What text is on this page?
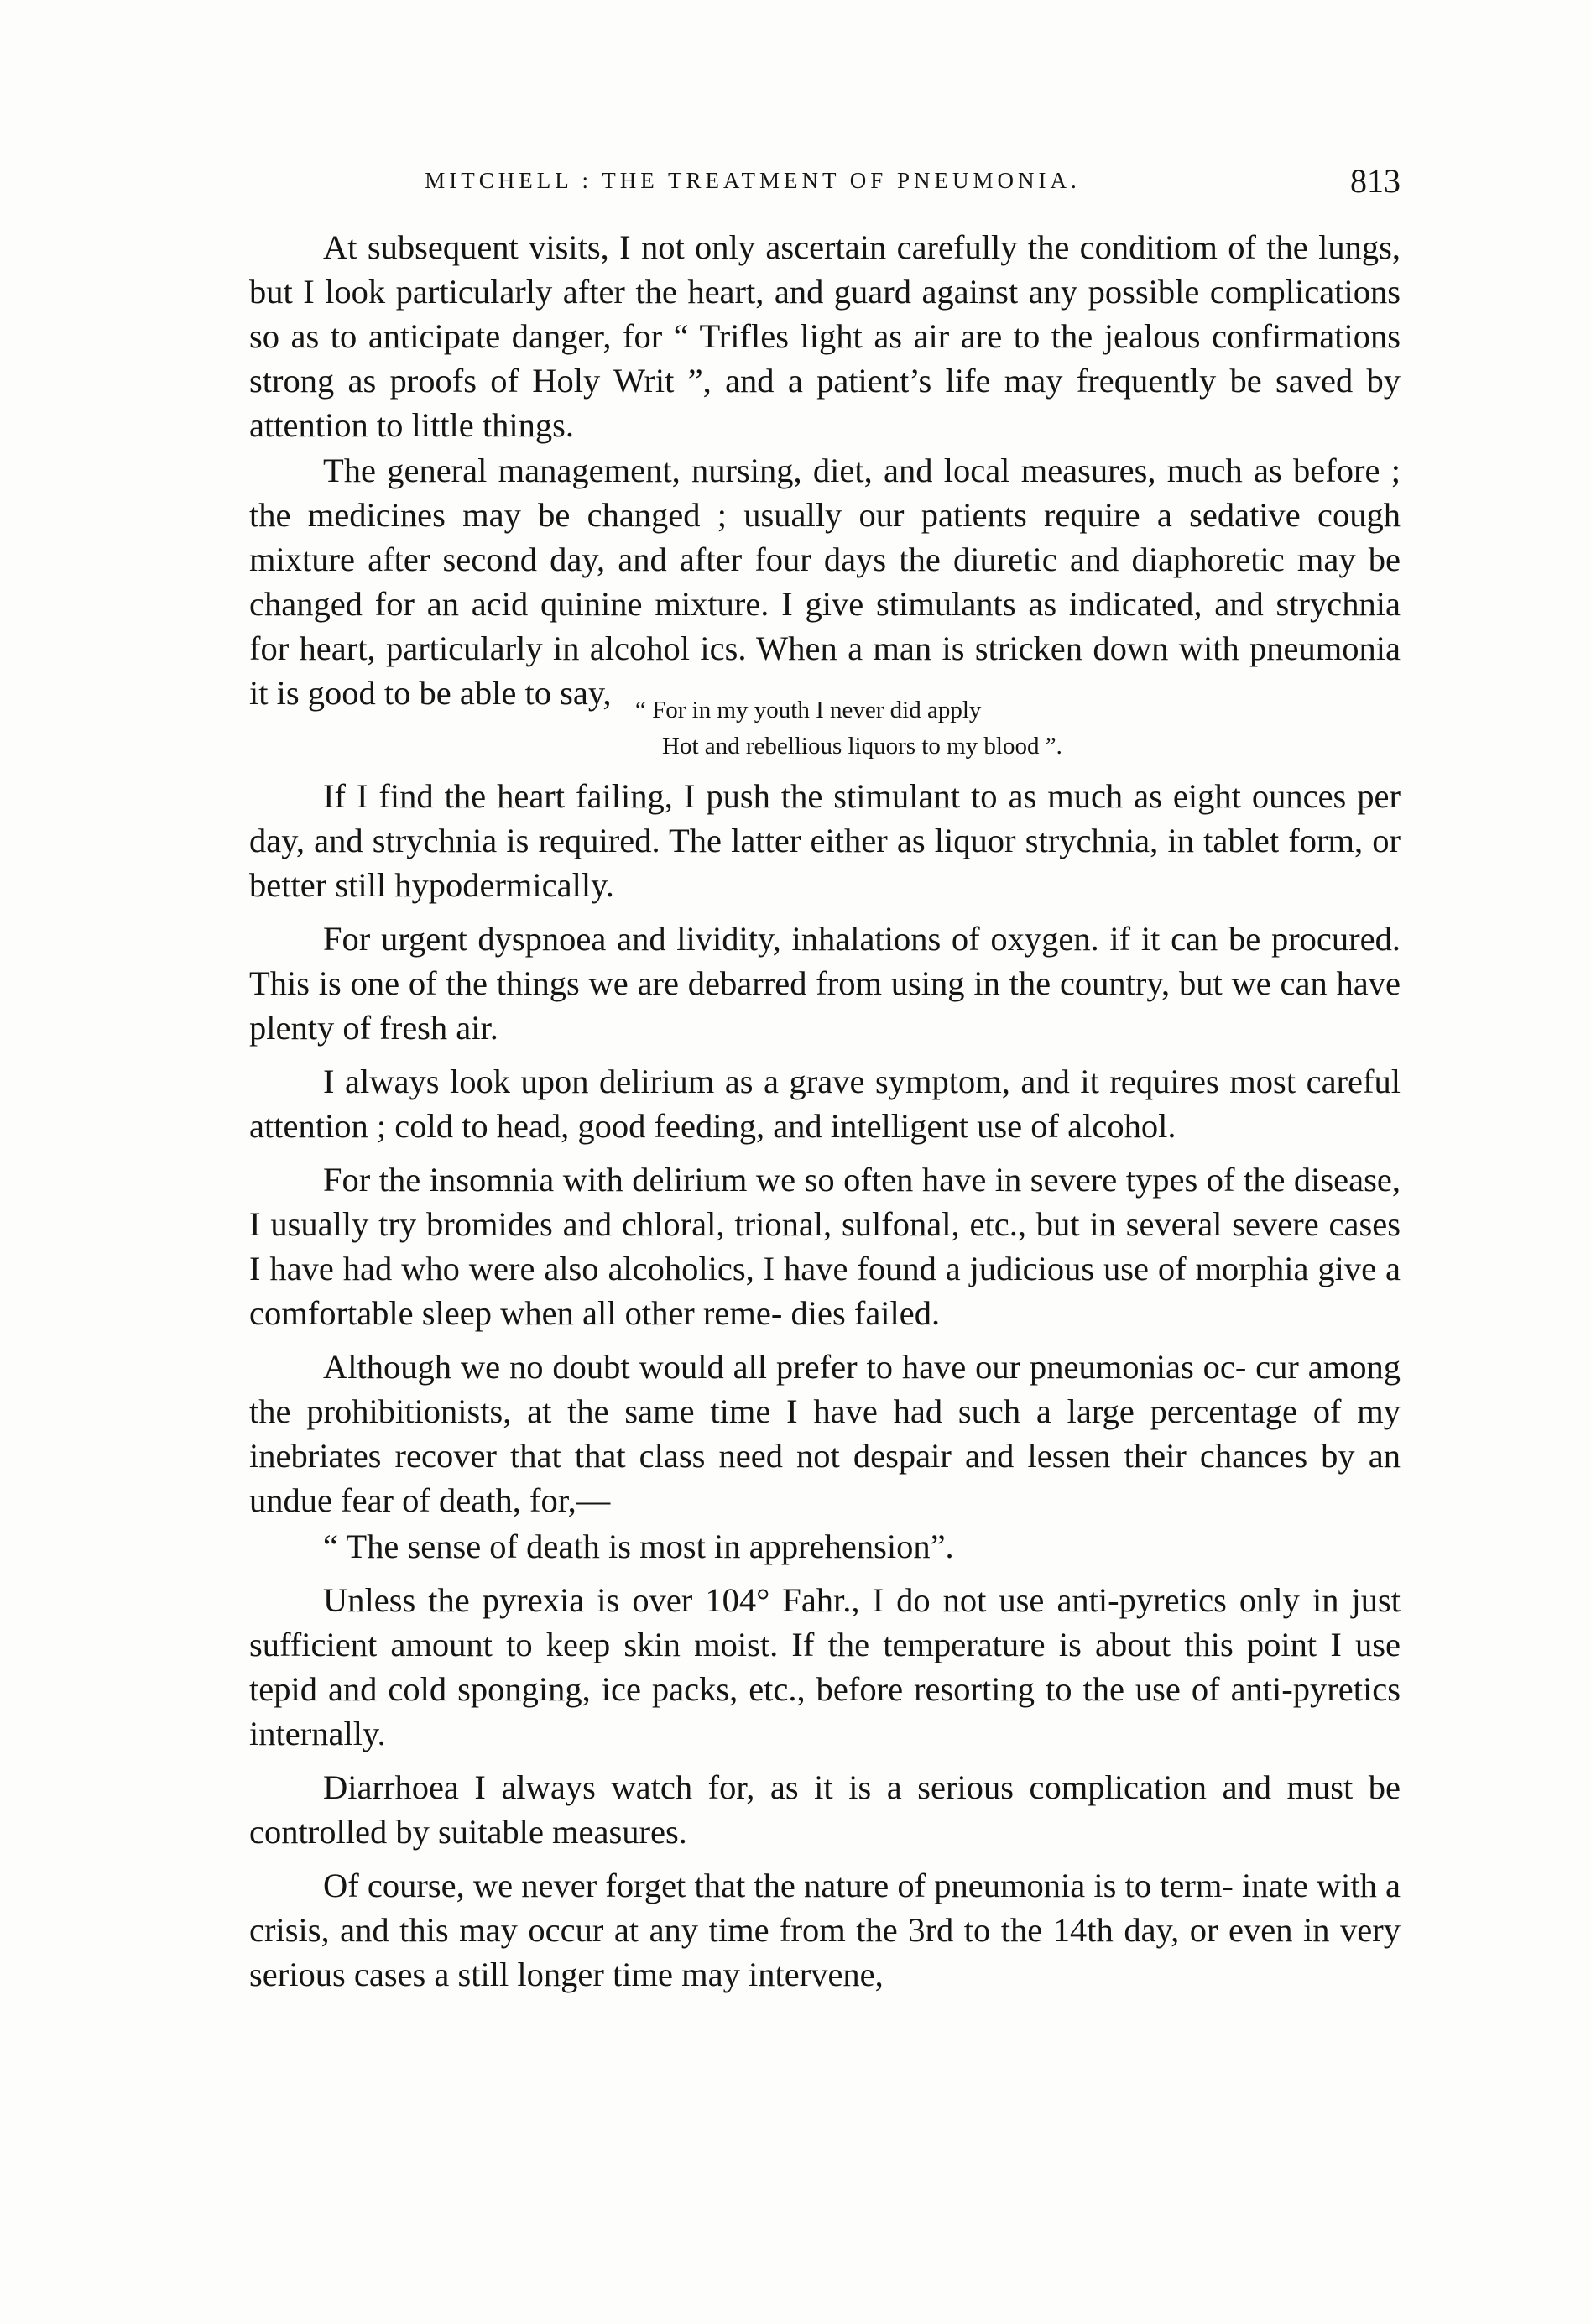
MITCHELL : THE TREATMENT OF PNEUMONIA.	813

At subsequent visits, I not only ascertain carefully the conditiom of the lungs, but I look particularly after the heart, and guard against any possible complications so as to anticipate danger, for “ Trifles light as air are to the jealous confirmations strong as proofs of Holy Writ ”, and a patient’s life may frequently be saved by attention to little things.

The general management, nursing, diet, and local measures, much as before ; the medicines may be changed ; usually our patients require a sedative cough mixture after second day, and after four days the diuretic and diaphoretic may be changed for an acid quinine mixture. I give stimulants as indicated, and strychnia for heart, particularly in alcohol ics. When a man is stricken down with pneumonia it is good to be able to say, “ For in my youth I never did apply
Hot and rebellious liquors to my blood ”.

If I find the heart failing, I push the stimulant to as much as eight ounces per day, and strychnia is required. The latter either as liquor strychnia, in tablet form, or better still hypodermically.

For urgent dyspnoea and lividity, inhalations of oxygen. if it can be procured. This is one of the things we are debarred from using in the country, but we can have plenty of fresh air.

I always look upon delirium as a grave symptom, and it requires most careful attention ; cold to head, good feeding, and intelligent use of alcohol.

For the insomnia with delirium we so often have in severe types of the disease, I usually try bromides and chloral, trional, sulfonal, etc., but in several severe cases I have had who were also alcoholics, I have found a judicious use of morphia give a comfortable sleep when all other reme- dies failed.

Although we no doubt would all prefer to have our pneumonias oc- cur among the prohibitionists, at the same time I have had such a large percentage of my inebriates recover that that class need not despair and lessen their chances by an undue fear of death, for,—

“ The sense of death is most in apprehension”.

Unless the pyrexia is over 104° Fahr., I do not use anti-pyretics only in just sufficient amount to keep skin moist. If the temperature is about this point I use tepid and cold sponging, ice packs, etc., before resorting to the use of anti-pyretics internally.

Diarrhoea I always watch for, as it is a serious complication and must be controlled by suitable measures.

Of course, we never forget that the nature of pneumonia is to term- inate with a crisis, and this may occur at any time from the 3rd to the 14th day, or even in very serious cases a still longer time may intervene,
